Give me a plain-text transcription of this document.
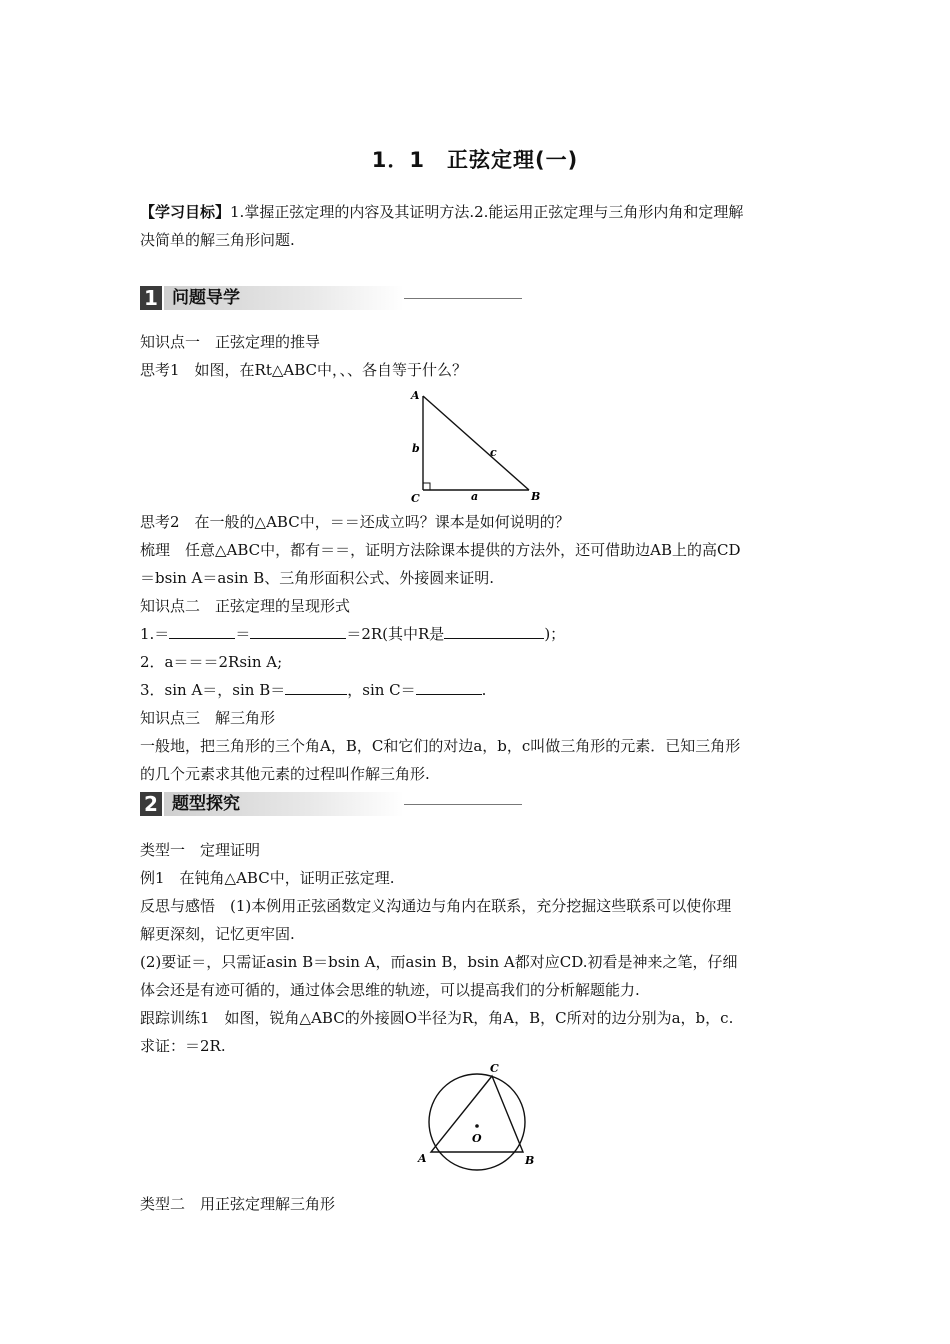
1．1　正弦定理(一)
【学习目标】1.掌握正弦定理的内容及其证明方法.2.能运用正弦定理与三角形内角和定理解
决简单的解三角形问题.
1 问题导学
知识点一　正弦定理的推导
思考1　如图，在Rt△ABC中，、、各自等于什么？
A
B
C	a
b	c
思考2　在一般的△ABC中，＝＝还成立吗？课本是如何说明的？
梳理　任意△ABC中，都有＝＝，证明方法除课本提供的方法外，还可借助边AB上的高CD
＝bsin A＝asin B、三角形面积公式、外接圆来证明.
知识点二　正弦定理的呈现形式
1.＝	＝	＝2R(其中R是	)；
2．a＝＝＝2Rsin A;
3．sin A＝，sin B＝	，sin C＝	.
知识点三　解三角形
一般地，把三角形的三个角A，B，C和它们的对边a，b，c叫做三角形的元素．已知三角形
的几个元素求其他元素的过程叫作解三角形.
2 题型探究
类型一　定理证明
例1　在钝角△ABC中，证明正弦定理.
反思与感悟　(1)本例用正弦函数定义沟通边与角内在联系，充分挖掘这些联系可以使你理
解更深刻，记忆更牢固.
(2)要证＝，只需证asin B＝bsin A，而asin B，bsin A都对应CD.初看是神来之笔，仔细
体会还是有迹可循的，通过体会思维的轨迹，可以提高我们的分析解题能力.
跟踪训练1　如图，锐角△ABC的外接圆O半径为R，角A，B，C所对的边分别为a，b，c.
求证：＝2R.
C
A	B
O
类型二　用正弦定理解三角形
